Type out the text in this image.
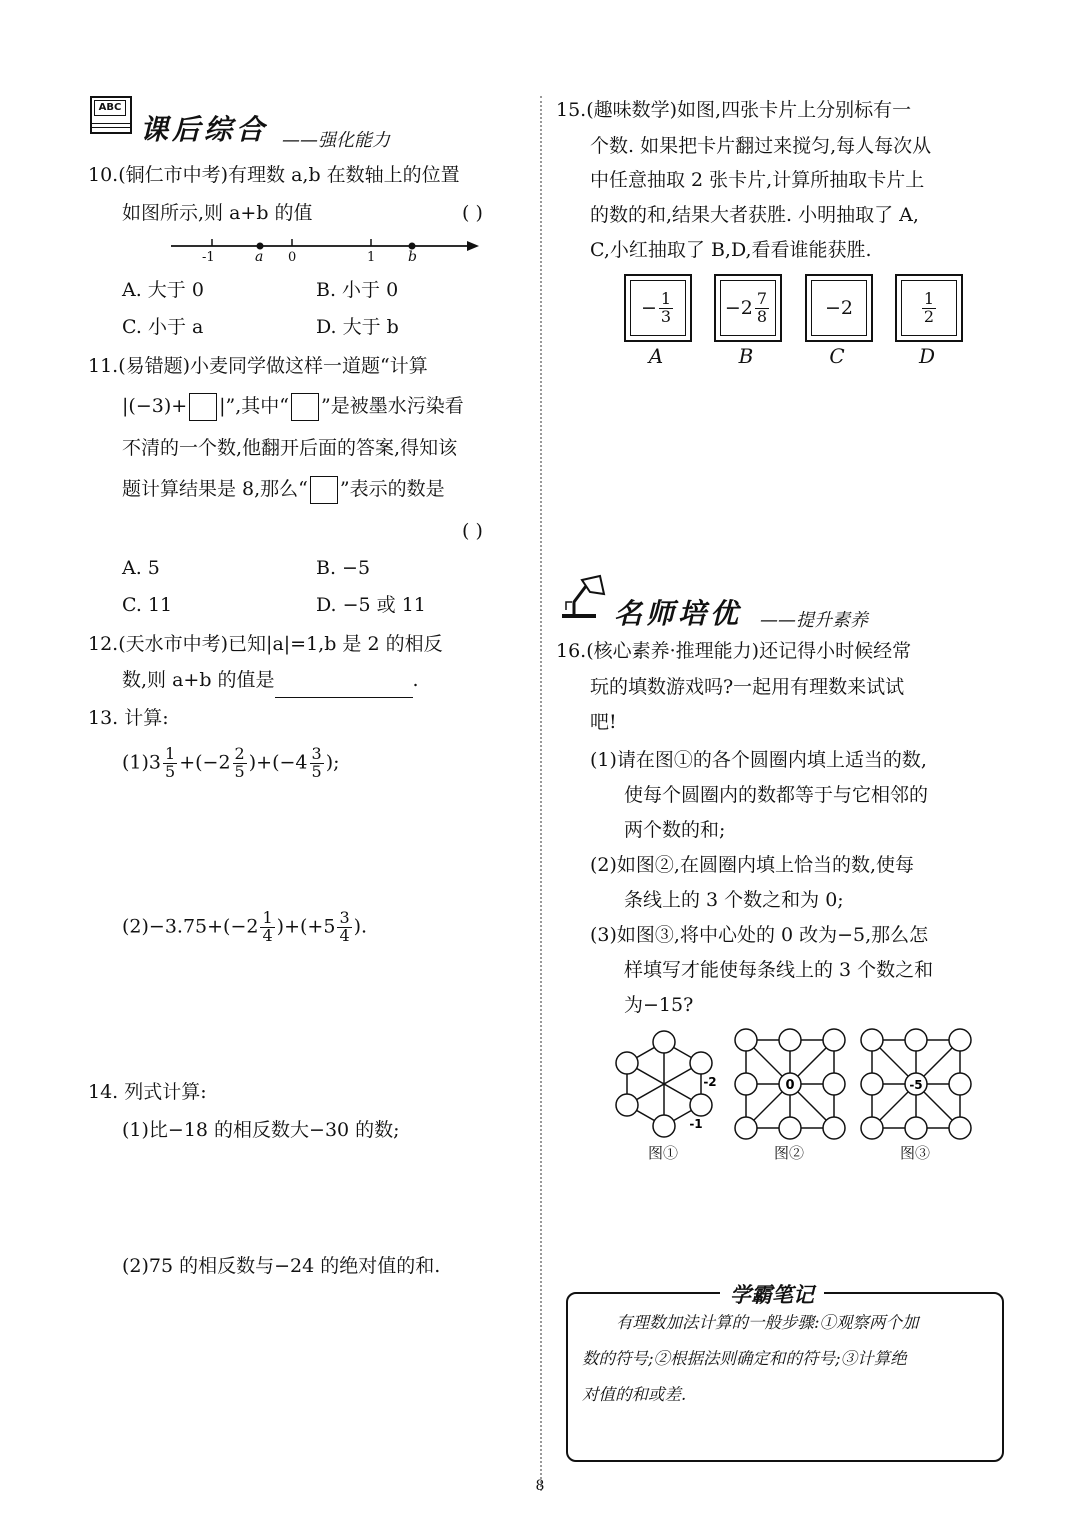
ABC
课后综合 ——强化能力
10.(铜仁市中考)有理数 a,b 在数轴上的位置
如图所示,则 a+b 的值	( )
-1	a 0	1 b
A. 大于 0	B. 小于 0
C. 小于 a	D. 大于 b
11.(易错题)小麦同学做这样一道题“计算
|(−3)+ |”,其中“ ”是被墨水污染看
不清的一个数,他翻开后面的答案,得知该
题计算结果是 8,那么“ ”表示的数是
( )
A. 5	B. −5
C. 11	D. −5 或 11
12.(天水市中考)已知|a|=1,b 是 2 的相反
数,则 a+b 的值是	.
13. 计算:
$(1)3 \frac{1}{5} +(-2 \frac{2}{5} )+(-4 \frac{3}{5}$ );
$(2)-3.75+(-2 \frac{1}{4} )+(+5 \frac{3}{4}$ ).
14. 列式计算:
(1)比−18 的相反数大−30 的数;
(2)75 的相反数与−24 的绝对值的和.
15.(趣味数学)如图,四张卡片上分别标有一
个数. 如果把卡片翻过来搅匀,每人每次从
中任意抽取 2 张卡片,计算所抽取卡片上
的数的和,结果大者获胜. 小明抽取了 A,
C,小红抽取了 B,D,看看谁能获胜.
− $\frac{1}{3}$	$-2 \frac{7}{8}$	−2	$\frac{1}{2}$
A	B	C	D
名师培优 ——提升素养
16.(核心素养·推理能力)还记得小时候经常
玩的填数游戏吗?一起用有理数来试试
吧!
(1)请在图①的各个圆圈内填上适当的数,
使每个圆圈内的数都等于与它相邻的
两个数的和;
(2)如图②,在圆圈内填上恰当的数,使每
条线上的 3 个数之和为 0;
(3)如图③,将中心处的 0 改为−5,那么怎
样填写才能使每条线上的 3 个数之和
为−15?
-2
-1
图①
0
图②
-5
图③
学霸笔记
有理数加法计算的一般步骤:①观察两个加
数的符号;②根据法则确定和的符号;③计算绝
对值的和或差.
8
